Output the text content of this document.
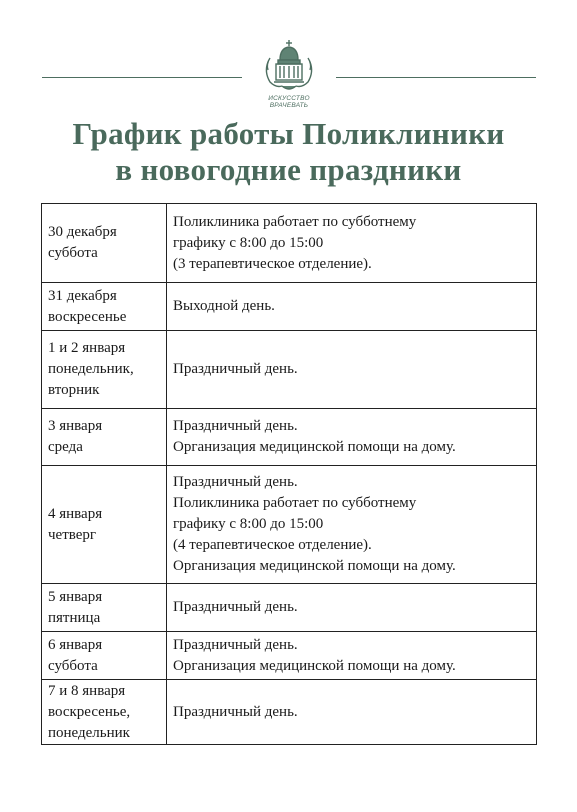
ИСКУССТВО
ВРАЧЕВАТЬ
График работы Поликлиники
в новогодние праздники
30 декабря
суббота	Поликлиника работает по субботнему
графику с 8:00 до 15:00
(3 терапевтическое отделение).

31 декабря
воскресенье	Выходной день.

1 и 2 января
понедельник,
вторник	Праздничный день.

3 января
среда	Праздничный день.
Организация медицинской помощи на дому.

4 января
четверг	Праздничный день.
Поликлиника работает по субботнему
графику с 8:00 до 15:00
(4 терапевтическое отделение).
Организация медицинской помощи на дому.

5 января
пятница	Праздничный день.

6 января
суббота	Праздничный день.
Организация медицинской помощи на дому.

7 и 8 января
воскресенье,
понедельник	Праздничный день.
